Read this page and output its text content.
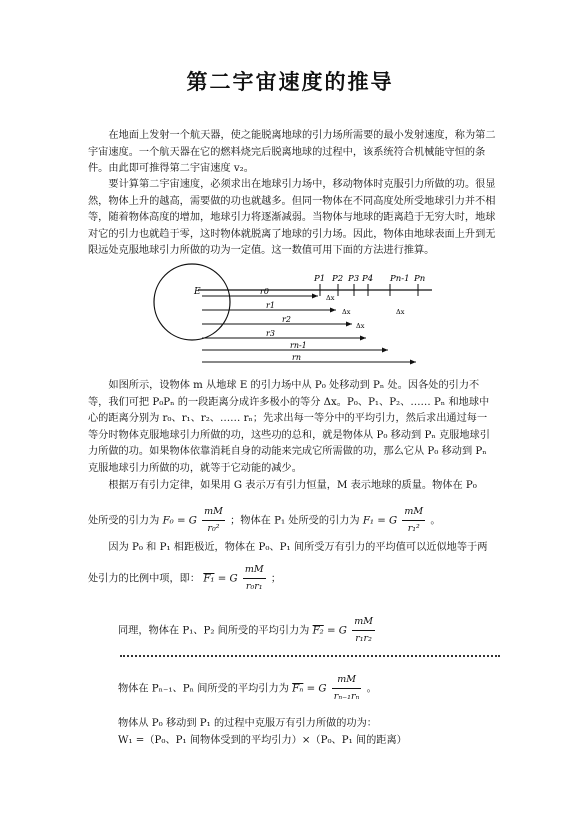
第二宇宙速度的推导
在地面上发射一个航天器，使之能脱离地球的引力场所需要的最小发射速度，称为第二宇宙速度。一个航天器在它的燃料烧完后脱离地球的过程中，该系统符合机械能守恒的条件。由此即可推得第二宇宙速度 v₂。
要计算第二宇宙速度，必须求出在地球引力场中，移动物体时克服引力所做的功。很显然，物体上升的越高，需要做的功也就越多。但同一物体在不同高度处所受地球引力并不相等，随着物体高度的增加，地球引力将逐渐减弱。当物体与地球的距离趋于无穷大时，地球对它的引力也就趋于零，这时物体就脱离了地球的引力场。因此，物体由地球表面上升到无限远处克服地球引力所做的功为一定值。这一数值可用下面的方法进行推算。
E
P1 P2 P3 P4 Pn-1 Pn
Δx
Δx
Δx
Δx
r0
r1
r2
r3
rn-1
rn
如图所示，设物体 m 从地球 E 的引力场中从 P₀ 处移动到 Pₙ 处。因各处的引力不等，我们可把 P₀Pₙ 的一段距离分成许多极小的等分 Δx。P₀、P₁、P₂、…… Pₙ 和地球中心的距离分别为 r₀、r₁、r₂、…… rₙ；先求出每一等分中的平均引力，然后求出通过每一等分时物体克服地球引力所做的功，这些功的总和，就是物体从 P₀ 移动到 Pₙ 克服地球引力所做的功。如果物体依靠消耗自身的动能来完成它所需做的功，那么它从 P₀ 移动到 Pₙ 克服地球引力所做的功，就等于它动能的减少。
根据万有引力定律，如果用 G 表示万有引力恒量，M 表示地球的质量。物体在 P₀
处所受的引力为 F₀ = G $\frac{mM}{\text{r₀²}}$ ；物体在 P₁ 处所受的引力为 F₁ = G $\frac{mM}{\text{r₁²}}$ 。
因为 P₀ 和 P₁ 相距极近，物体在 P₀、P₁ 间所受万有引力的平均值可以近似地等于两
处引力的比例中项，即： F₁ = G $\frac{mM}{\text{r₀r₁}}$ ；
同理，物体在 P₁、P₂ 间所受的平均引力为 F₂ = G $\frac{mM}{\text{r₁r₂}}$
物体在 Pₙ₋₁、Pₙ 间所受的平均引力为 $\overline{F_n} = G \frac{mM}{\text{rₙ₋₁rₙ}}$ 。
物体从 P₀ 移动到 P₁ 的过程中克服万有引力所做的功为：
W₁ =（P₀、P₁ 间物体受到的平均引力）×（P₀、P₁ 间的距离）
